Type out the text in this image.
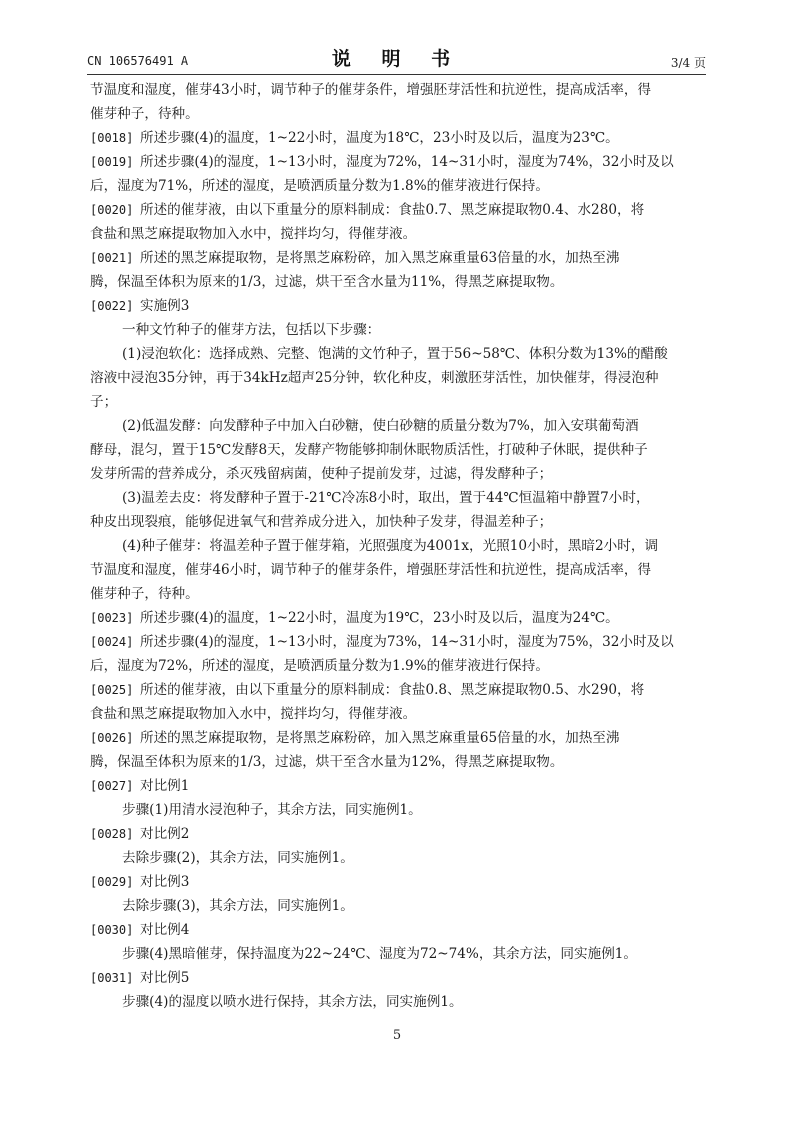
CN 106576491 A	说 明 书	3/4 页
节温度和湿度，催芽43小时，调节种子的催芽条件，增强胚芽活性和抗逆性，提高成活率，得
催芽种子，待种。
[0018] 所述步骤(4)的温度，1~22小时，温度为18℃，23小时及以后，温度为23℃。
[0019] 所述步骤(4)的湿度，1~13小时，湿度为72%，14~31小时，湿度为74%，32小时及以
后，湿度为71%，所述的湿度，是喷洒质量分数为1.8%的催芽液进行保持。
[0020] 所述的催芽液，由以下重量分的原料制成：食盐0.7、黑芝麻提取物0.4、水280，将
食盐和黑芝麻提取物加入水中，搅拌均匀，得催芽液。
[0021] 所述的黑芝麻提取物，是将黑芝麻粉碎，加入黑芝麻重量63倍量的水，加热至沸
腾，保温至体积为原来的1/3，过滤，烘干至含水量为11%，得黑芝麻提取物。
[0022] 实施例3
一种文竹种子的催芽方法，包括以下步骤：
(1)浸泡软化：选择成熟、完整、饱满的文竹种子，置于56~58℃、体积分数为13%的醋酸
溶液中浸泡35分钟，再于34kHz超声25分钟，软化种皮，刺激胚芽活性，加快催芽，得浸泡种
子；
(2)低温发酵：向发酵种子中加入白砂糖，使白砂糖的质量分数为7%，加入安琪葡萄酒
酵母，混匀，置于15℃发酵8天，发酵产物能够抑制休眠物质活性，打破种子休眠，提供种子
发芽所需的营养成分，杀灭残留病菌，使种子提前发芽，过滤，得发酵种子；
(3)温差去皮：将发酵种子置于-21℃冷冻8小时，取出，置于44℃恒温箱中静置7小时，
种皮出现裂痕，能够促进氧气和营养成分进入，加快种子发芽，得温差种子；
(4)种子催芽：将温差种子置于催芽箱，光照强度为4001x，光照10小时，黑暗2小时，调
节温度和湿度，催芽46小时，调节种子的催芽条件，增强胚芽活性和抗逆性，提高成活率，得
催芽种子，待种。
[0023] 所述步骤(4)的温度，1~22小时，温度为19℃，23小时及以后，温度为24℃。
[0024] 所述步骤(4)的湿度，1~13小时，湿度为73%，14~31小时，湿度为75%，32小时及以
后，湿度为72%，所述的湿度，是喷洒质量分数为1.9%的催芽液进行保持。
[0025] 所述的催芽液，由以下重量分的原料制成：食盐0.8、黑芝麻提取物0.5、水290，将
食盐和黑芝麻提取物加入水中，搅拌均匀，得催芽液。
[0026] 所述的黑芝麻提取物，是将黑芝麻粉碎，加入黑芝麻重量65倍量的水，加热至沸
腾，保温至体积为原来的1/3，过滤，烘干至含水量为12%，得黑芝麻提取物。
[0027] 对比例1
步骤(1)用清水浸泡种子，其余方法，同实施例1。
[0028] 对比例2
去除步骤(2)，其余方法，同实施例1。
[0029] 对比例3
去除步骤(3)，其余方法，同实施例1。
[0030] 对比例4
步骤(4)黑暗催芽，保持温度为22~24℃、湿度为72~74%，其余方法，同实施例1。
[0031] 对比例5
步骤(4)的湿度以喷水进行保持，其余方法，同实施例1。
5
